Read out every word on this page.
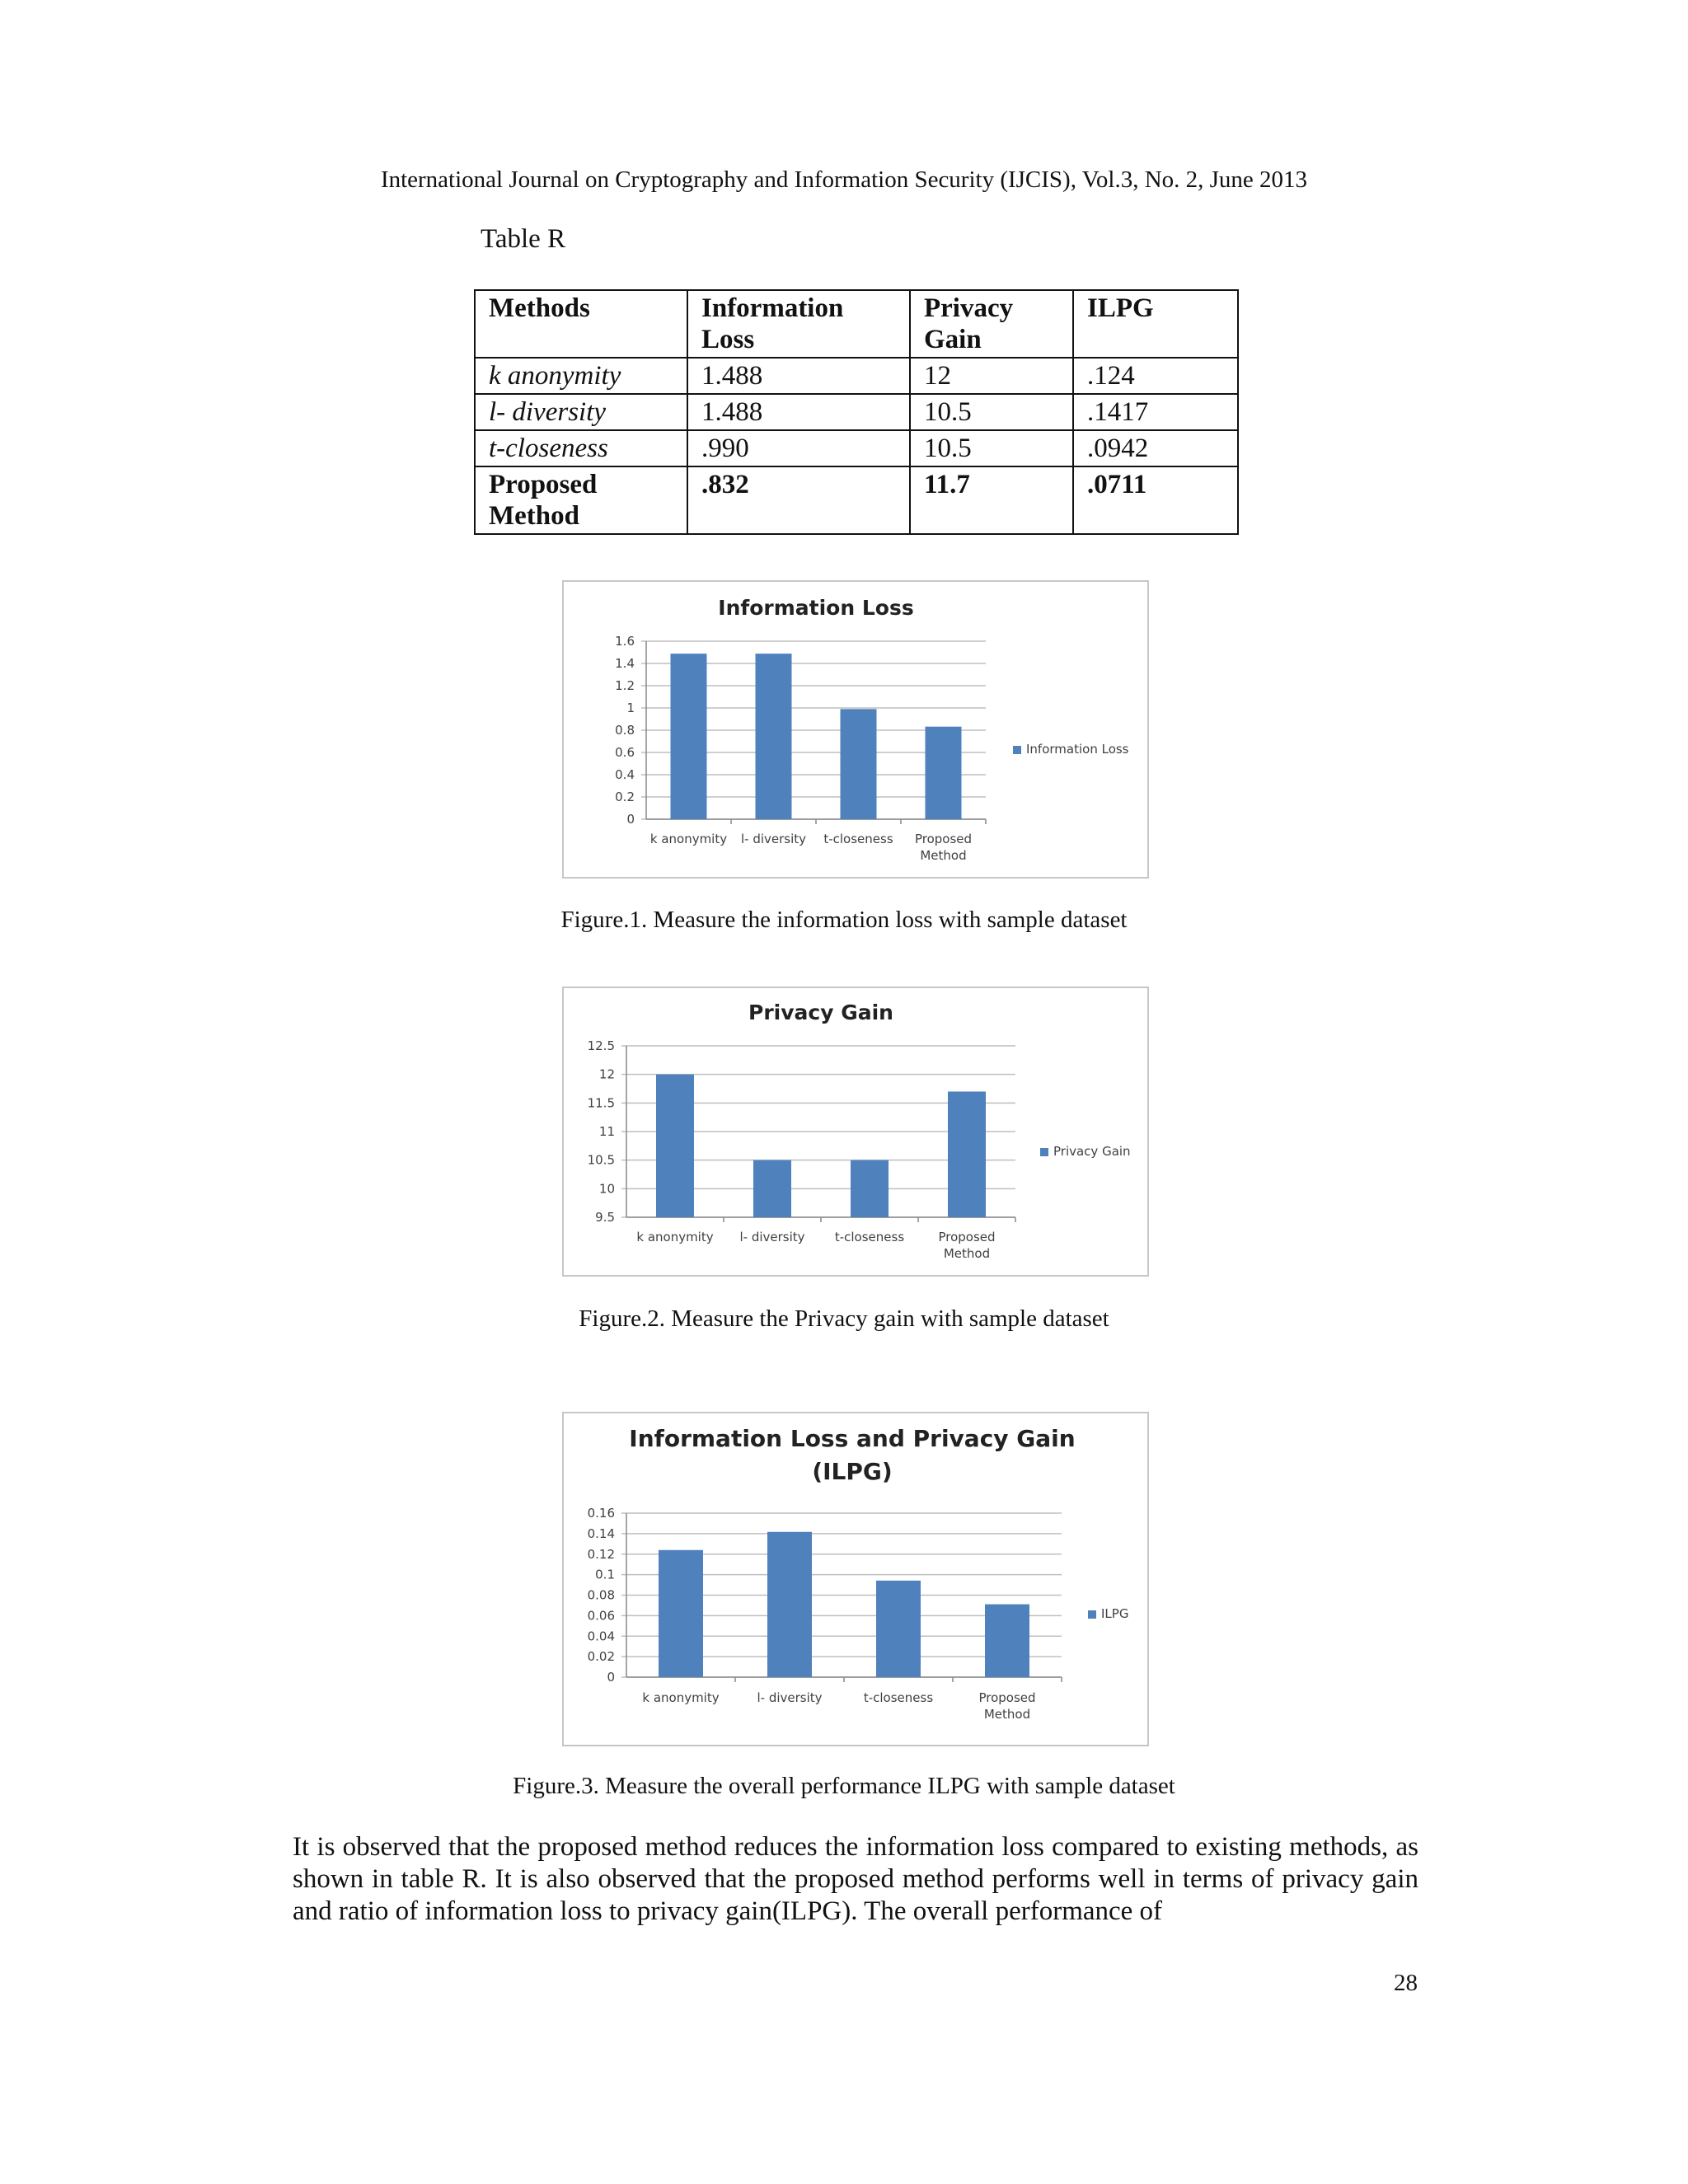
International Journal on Cryptography and Information Security (IJCIS), Vol.3, No. 2, June 2013
Table R
Methods	Information Loss	Privacy Gain	ILPG
k anonymity	1.488	12	.124
l- diversity	1.488	10.5	.1417
t-closeness	.990	10.5	.0942
Proposed Method	.832	11.7	.0711
Information Loss
0
0.2
0.4
0.6
0.8
1
1.2
1.4
1.6
k anonymity l- diversity t-closeness Proposed
Method
Information Loss
Figure.1. Measure the information loss with sample dataset
Privacy Gain
9.5
10
10.5
11
11.5
12
12.5
k anonymity l- diversity t-closeness	Proposed
Method
Privacy Gain
Figure.2. Measure the Privacy gain with sample dataset
Information Loss and Privacy Gain
(ILPG)
0
0.02
0.04
0.06
0.08
0.1
0.12
0.14
0.16
k anonymity	l- diversity	t-closeness	Proposed
Method
ILPG
Figure.3. Measure the overall performance ILPG with sample dataset
It is observed that the proposed method reduces the information loss compared to existing methods, as shown in table R. It is also observed that the proposed method performs well in terms of privacy gain and ratio of information loss to privacy gain(ILPG). The overall performance of
28
